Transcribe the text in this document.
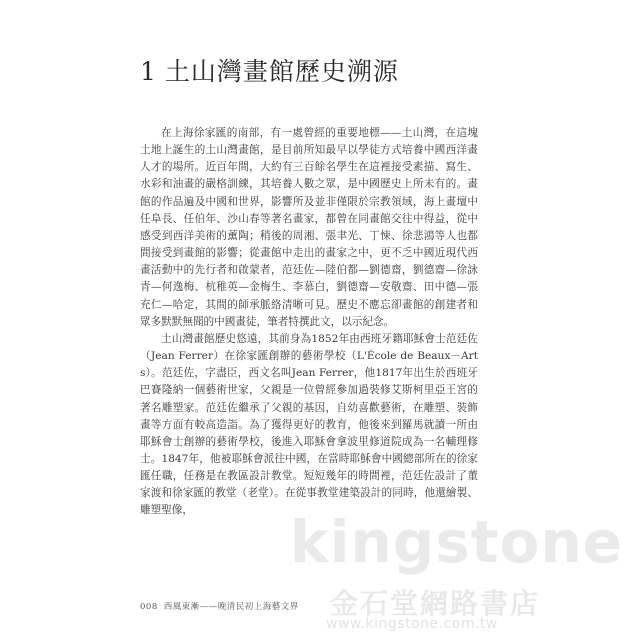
1 土山灣畫館歷史溯源

在上海徐家匯的南部，有一處曾經的重要地標——土山灣，在這塊土地上誕生的土山灣畫館，是目前所知最早以學徒方式培養中國西洋畫人才的場所。近百年間，大約有三百餘名學生在這裡接受素描、寫生、水彩和油畫的嚴格訓練，其培養人數之眾，是中國歷史上所未有的。畫館的作品遍及中國和世界，影響所及並非僅限於宗教領域，海上畫壇中任阜長、任伯年、沙山春等著名畫家，都曾在同畫館交往中得益，從中感受到西洋美術的薰陶；稍後的周湘、張聿光、丁悚、徐悲鴻等人也都間接受到畫館的影響；從畫館中走出的畫家之中，更不乏中國近現代西畫活動中的先行者和啟蒙者，范廷佐—陸伯都—劉德齋，劉德齋—徐詠青—何逸梅、杭稚英—金梅生、李慕白，劉德齋—安敬齋、田中德—張充仁—哈定，其間的師承脈絡清晰可見。歷史不應忘卻畫館的創建者和眾多默默無聞的中國畫徒，筆者特撰此文，以示紀念。

土山灣畫館歷史悠遠，其前身為1852年由西班牙籍耶穌會士范廷佐（Jean Ferrer）在徐家匯創辦的藝術學校（L'École de Beaux－Arts）。范廷佐，字盡臣，西文名叫Jean Ferrer，他1817年出生於西班牙巴賽隆納一個藝術世家，父親是一位曾經參加過裝修艾斯柯里亞王宮的著名雕塑家。范廷佐繼承了父親的基因，自幼喜歡藝術，在雕塑、裝飾畫等方面有較高造詣。為了獲得更好的教育，他後來到羅馬就讀一所由耶穌會士創辦的藝術學校，後進入耶穌會拿波里修道院成為一名輔理修士。1847年，他被耶穌會派往中國，在當時耶穌會中國總部所在的徐家匯任職，任務是在教區設計教堂。短短幾年的時間裡，范廷佐設計了董家渡和徐家匯的教堂（老堂）。在從事教堂建築設計的同時，他還繪製、雕塑聖像，

008 西風東漸——晚清民初上海藝文界
kingstone
金石堂網路書店
www.kingstone.com.tw
